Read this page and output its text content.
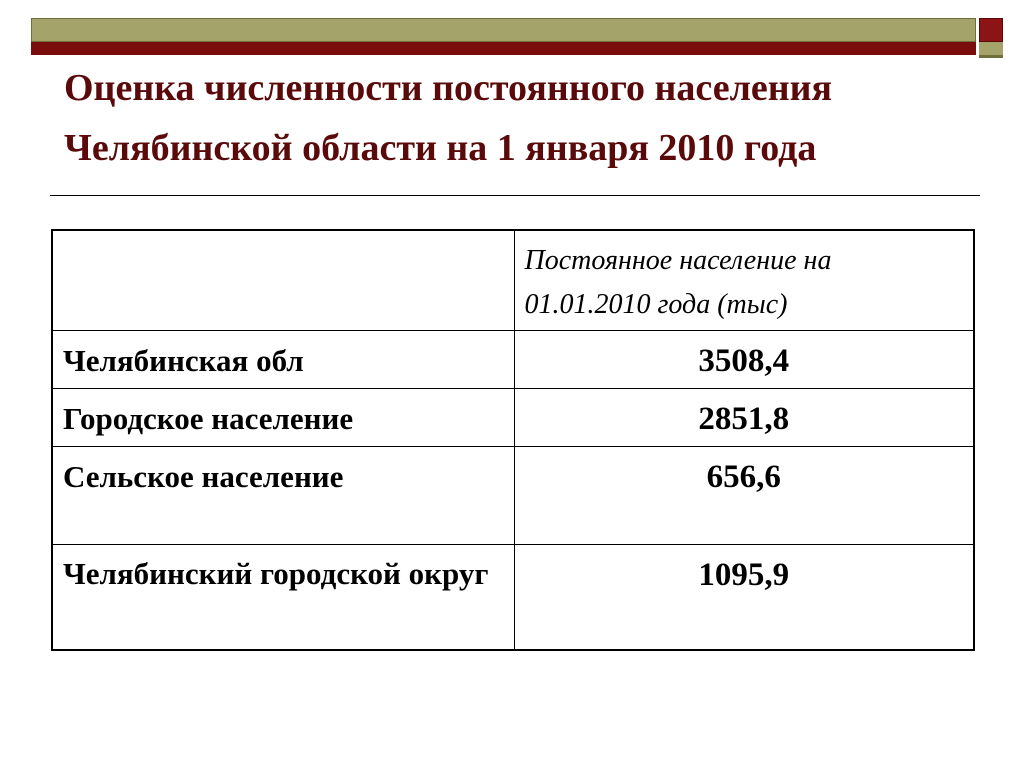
Оценка численности постоянного населения Челябинской области на 1 января 2010 года
	Постоянное население на 01.01.2010 года (тыс)
Челябинская обл	3508,4
Городское население	2851,8
Сельское население	656,6
Челябинский городской округ	1095,9
